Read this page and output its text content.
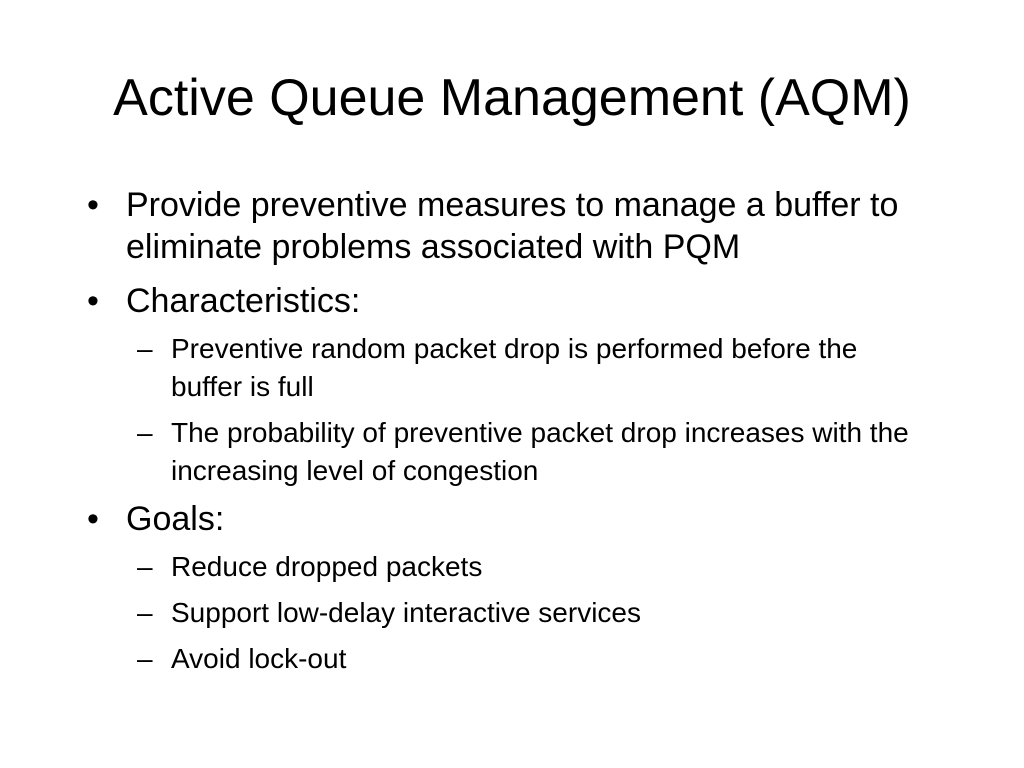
Active Queue Management (AQM)
• Provide preventive measures to manage a buffer to eliminate problems associated with PQM
• Characteristics:
– Preventive random packet drop is performed before the buffer is full
– The probability of preventive packet drop increases with the increasing level of congestion
• Goals:
– Reduce dropped packets
– Support low-delay interactive services
– Avoid lock-out
